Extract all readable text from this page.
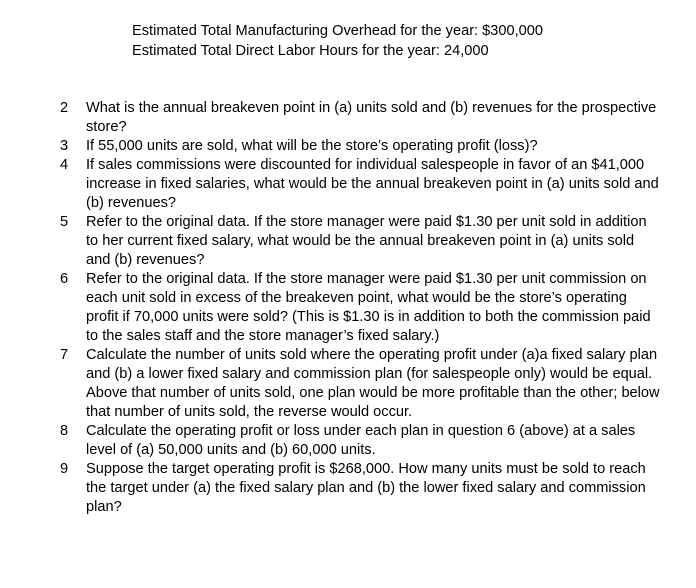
Estimated Total Manufacturing Overhead for the year: $300,000
Estimated Total Direct Labor Hours for the year: 24,000
2 What is the annual breakeven point in (a) units sold and (b) revenues for the prospective store?
3 If 55,000 units are sold, what will be the store’s operating profit (loss)?
4 If sales commissions were discounted for individual salespeople in favor of an $41,000 increase in fixed salaries, what would be the annual breakeven point in (a) units sold and (b) revenues?
5 Refer to the original data. If the store manager were paid $1.30 per unit sold in addition to her current fixed salary, what would be the annual breakeven point in (a) units sold and (b) revenues?
6 Refer to the original data. If the store manager were paid $1.30 per unit commission on each unit sold in excess of the breakeven point, what would be the store’s operating profit if 70,000 units were sold? (This is $1.30 is in addition to both the commission paid to the sales staff and the store manager’s fixed salary.)
7 Calculate the number of units sold where the operating profit under (a)a fixed salary plan and (b) a lower fixed salary and commission plan (for salespeople only) would be equal. Above that number of units sold, one plan would be more profitable than the other; below that number of units sold, the reverse would occur.
8 Calculate the operating profit or loss under each plan in question 6 (above) at a sales level of (a) 50,000 units and (b) 60,000 units.
9 Suppose the target operating profit is $268,000. How many units must be sold to reach the target under (a) the fixed salary plan and (b) the lower fixed salary and commission plan?
